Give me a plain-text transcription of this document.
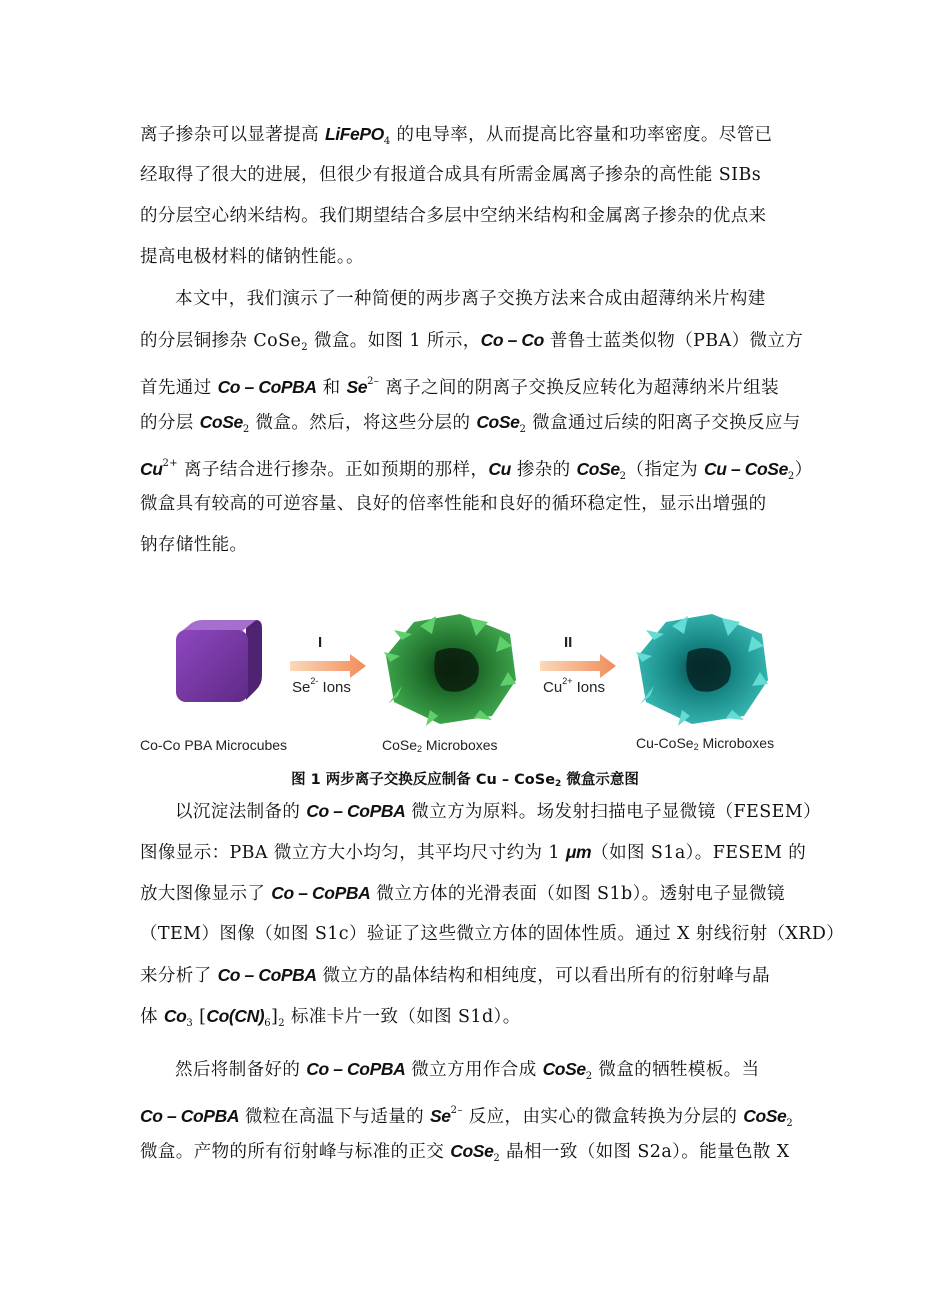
离子掺杂可以显著提高 LiFePO$_4$ 的电导率，从而提高比容量和功率密度。尽管已
经取得了很大的进展，但很少有报道合成具有所需金属离子掺杂的高性能 SIBs
的分层空心纳米结构。我们期望结合多层中空纳米结构和金属离子掺杂的优点来
提高电极材料的储钠性能。。
本文中，我们演示了一种简便的两步离子交换方法来合成由超薄纳米片构建
的分层铜掺杂 CoSe$_2$ 微盒。如图 1 所示，Co – Co 普鲁士蓝类似物（PBA）微立方
首先通过 Co – CoPBA 和 $Se^{2-}$ 离子之间的阴离子交换反应转化为超薄纳米片组装
的分层 CoSe$_2$ 微盒。然后，将这些分层的 CoSe$_2$ 微盒通过后续的阳离子交换反应与
$Cu^{2+}$ 离子结合进行掺杂。正如预期的那样，Cu 掺杂的 CoSe$_2$（指定为 Cu – CoSe$_2$）
微盒具有较高的可逆容量、良好的倍率性能和良好的循环稳定性，显示出增强的
钠存储性能。
I
$Se^{2-}$ Ions
II
$Cu^{2+}$ Ions
Co-Co PBA Microcubes	CoSe2 Microboxes	Cu-CoSe2 Microboxes
图 1 两步离子交换反应制备 Cu – CoSe2 微盒示意图
以沉淀法制备的 Co – CoPBA 微立方为原料。场发射扫描电子显微镜（FESEM）
图像显示：PBA 微立方大小均匀，其平均尺寸约为 1 μm（如图 S1a）。FESEM 的
放大图像显示了 Co – CoPBA 微立方体的光滑表面（如图 S1b）。透射电子显微镜
（TEM）图像（如图 S1c）验证了这些微立方体的固体性质。通过 X 射线衍射（XRD）
来分析了 Co – CoPBA 微立方的晶体结构和相纯度，可以看出所有的衍射峰与晶
体 $Co_3$ $[Co(CN)_6]_2$ 标准卡片一致（如图 S1d）。
然后将制备好的 Co – CoPBA 微立方用作合成 CoSe$_2$ 微盒的牺牲模板。当
Co – CoPBA 微粒在高温下与适量的 $Se^{2-}$ 反应，由实心的微盒转换为分层的 CoSe$_2$
微盒。产物的所有衍射峰与标准的正交 CoSe$_2$ 晶相一致（如图 S2a）。能量色散 X
